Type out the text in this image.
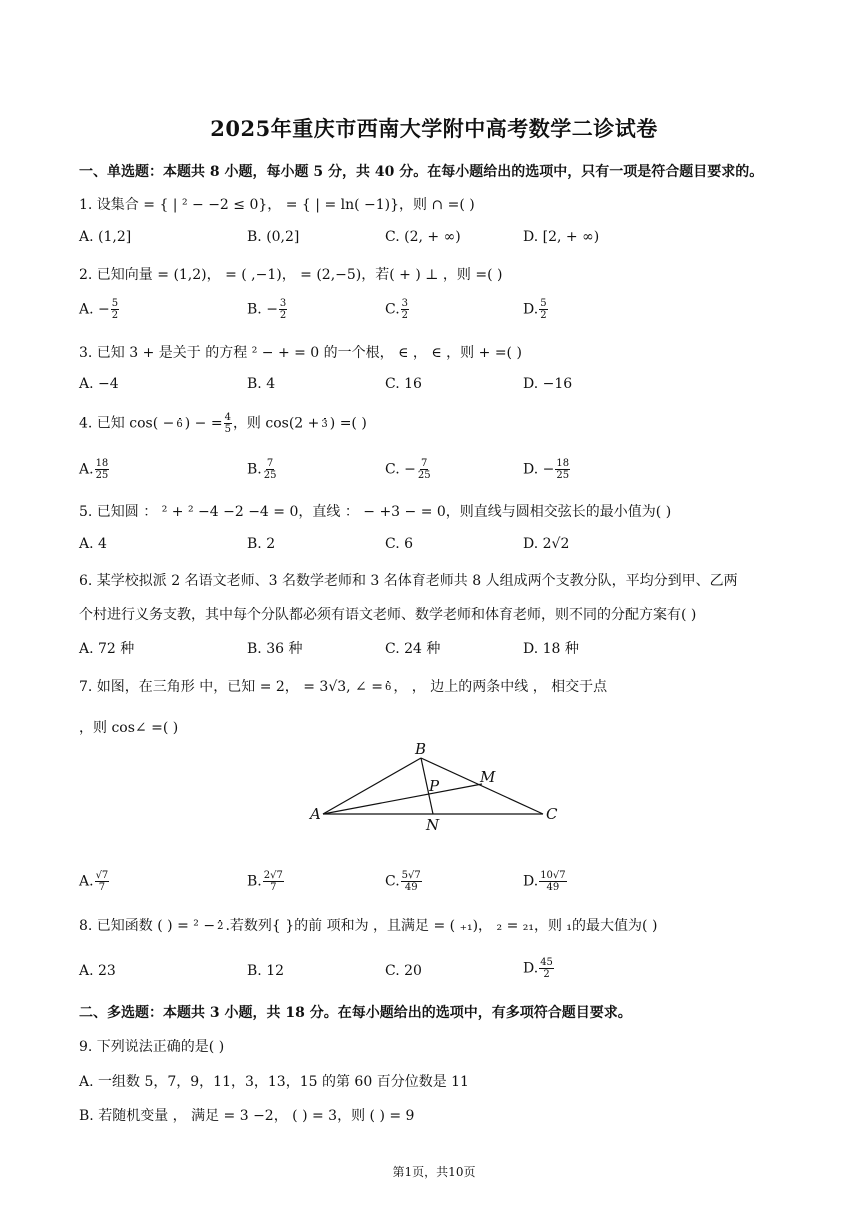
2025年重庆市西南大学附中高考数学二诊试卷
一、单选题：本题共 8 小题，每小题 5 分，共 40 分。在每小题给出的选项中，只有一项是符合题目要求的。
1. 设集合 = { | ² − −2 ≤ 0}， = { | = ln( −1)}，则 ∩ =( )
A. (1,2]	B. (0,2]	C. (2, + ∞)	D. [2, + ∞)
2. 已知向量 = (1,2)， = ( ,−1)， = (2,−5)，若( + ) ⊥ ，则 =( )
A. − $\frac{5}{2}$	B. − $\frac{3}{2}$	C. $\frac{3}{2}$	D. $\frac{5}{2}$
3. 已知 3 + 是关于 的方程 ² − + = 0 的一个根， ∈ ， ∈ ，则 + =( )
A. −4	B. 4	C. 16	D. −16
4. 已知 cos( − 6 ) − = $\frac{4}{5}$ ，则 cos(2 + 3 ) =( )
A. $\frac{18}{25}$	B. $\frac{7}{25}$	C. − $\frac{7}{25}$	D. − $\frac{18}{25}$
5. 已知圆 ： ² + ² −4 −2 −4 = 0，直线 ： − +3 − = 0，则直线与圆相交弦长的最小值为( )
A. 4	B. 2	C. 6	D. 2√2
6. 某学校拟派 2 名语文老师、3 名数学老师和 3 名体育老师共 8 人组成两个支教分队，平均分到甲、乙两
个村进行义务支教，其中每个分队都必须有语文老师、数学老师和体育老师，则不同的分配方案有( )
A. 72 种	B. 36 种	C. 24 种	D. 18 种
7. 如图，在三角形 中，已知 = 2， = 3√3, ∠ = 6 ， ， 边上的两条中线 ， 相交于点
，则 cos∠ =( )
B
M
P
A
N
C
A. $\frac{√7}{7}$	B. $\frac{2√7}{7}$	C. $\frac{5√7}{49}$	D. $\frac{10√7}{49}$
8. 已知函数 ( ) = ² − 2 .若数列{ }的前 项和为 ，且满足 = ( ₊₁)， ₂ = ₂₁，则 ₁的最大值为( )
A. 23	B. 12	C. 20	D. $\frac{45}{2}$
二、多选题：本题共 3 小题，共 18 分。在每小题给出的选项中，有多项符合题目要求。
9. 下列说法正确的是( )
A. 一组数 5，7，9，11，3，13，15 的第 60 百分位数是 11
B. 若随机变量 ， 满足 = 3 −2， ( ) = 3，则 ( ) = 9
第1页，共10页
